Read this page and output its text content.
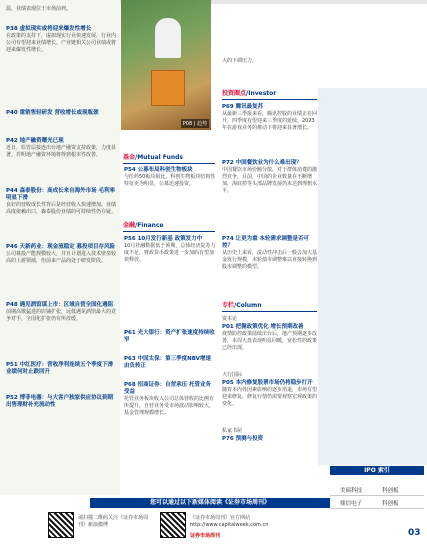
温，业绩表现位于市场前列。
P38 虚拟现实或将迎来爆发性增长
在政策的支持下，虚拟现实行业快速发展，行业内公司有望迎来业绩增长，产业链相关公司业绩或将迎来爆发性增长。
P40 重销售轻研发 营收增长或现瓶颈
P42 地产融资曙光已现
近日，监管层接连出台地产融资支持政策，力度显著。若明地产融资环境将得到根本性改善。
P44 森泰股份：高成长来自海外市场 毛利率明显下滑
良好的营收成长性背后是经营收入快速增加。业绩高度依赖出口，森泰股份业绩的可持续性仍存疑。
P46 天新药业：现金流稳定 募投项目存风险
公司募投产能规模较大，并且计划进入技术壁垒较高的上游领域，但前来产品尚处于研发阶段。
P48 遇见酒馆谋上市：区域自营全国化遇阻
前期高歌猛进的店铺扩张，远低遇见酒馆最大的竞争对手，全国化扩张仍有所放缓。
P51 中红医疗：营收净利连续五个季度下滑 业绩何时止跌回升
P52 博菲电器：与大客户独家供应协议到期 出售理财补充流动性
P08 | 趋势
基金/Mutual Funds
P54 公募布局科创生物板块
与医药50板块相比，科创生物板块结构性特征更为明显，公募迅速投资。
金融/Finance
P56 10月发行新基 政策发力中
10月社融数据低于预期，总体经济复苏力度不足，财政货币政策进一步加码有望加快释放。
P61 光大银行：资产扩张速度持续收窄
P63 中国太保：第三季度NBV增速由负转正
P68 招商证券：自营承压 托管业务受益
托管业务板块收入公司总体营收的比例有所提升，自营业务受市场波动影响较大，基金管理规模增长。
大的下调压力。
投资圈点/Investor
P69 腾讯最复苏
从最新三季报来看，腾讯控股的业绩正在回升，四季度有望迎来三季度的延续，2023年在游戏业务的推动下将迎来显著增长。
P72 中国餐饮业为什么难出现？
中国餐饮市场份额分散，对于群体消费的激烈竞争，目前，中国的企业数量在不断增加，海底捞等头部品牌发展仍未达到理想水平。
P74 让更为重 本轮需求调整是否可控？
从历史上来看，流动性冲击后一般会加大基金发行规模，本轮债市调整难以直接转换到股市调整的模型。
专栏/Column
资本论
P01 把握政策优化 增长预期改善
疫情防控政策陆续出台后，地产预期逐步改善，本周大盘表现明显回暖，宽松性的政策已经出现。
大行国际
P05 本内修复股票市场仍将稳步打开
随着本内外因素影响的逐步消退，市场有望迎来修复，修复行情仍需要观察宏观政策的变化。
私家书屋
P76 预测与投资
IPO 索引
美瑞科技	科创板
鼎信电子	科创板
您可以通过以下新媒体阅读《证券市场周刊》
请扫描二维码关注《证券市场周刊》新浪微博
《证券市场周刊》官方网站 http://www.capitalweek.com.cn
证券市场周刊	03
